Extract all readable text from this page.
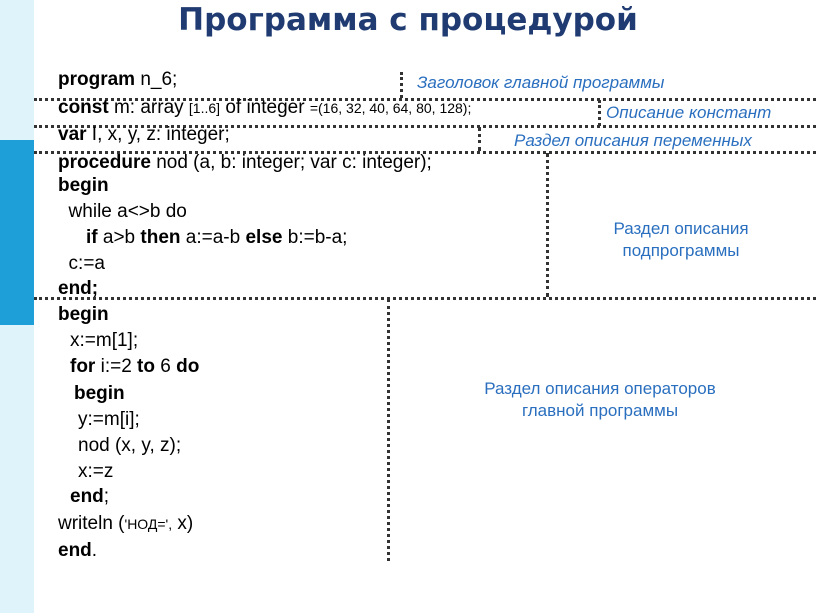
Программа с процедурой
program n_6;
const m: array [1..6] of integer =(16, 32, 40, 64, 80, 128);
var I, x, y, z: integer;
procedure nod (a, b: integer; var c: integer);
begin
while a<>b do
if a>b then a:=a-b else b:=b-a;
c:=a
end;
begin
x:=m[1];
for i:=2 to 6 do
begin
y:=m[i];
nod (x, y, z);
x:=z
end;
writeln ('НОД=', x)
end.
Заголовок главной программы
Описание констант
Раздел описания переменных
Раздел описания
подпрограммы
Раздел описания операторов
главной программы
